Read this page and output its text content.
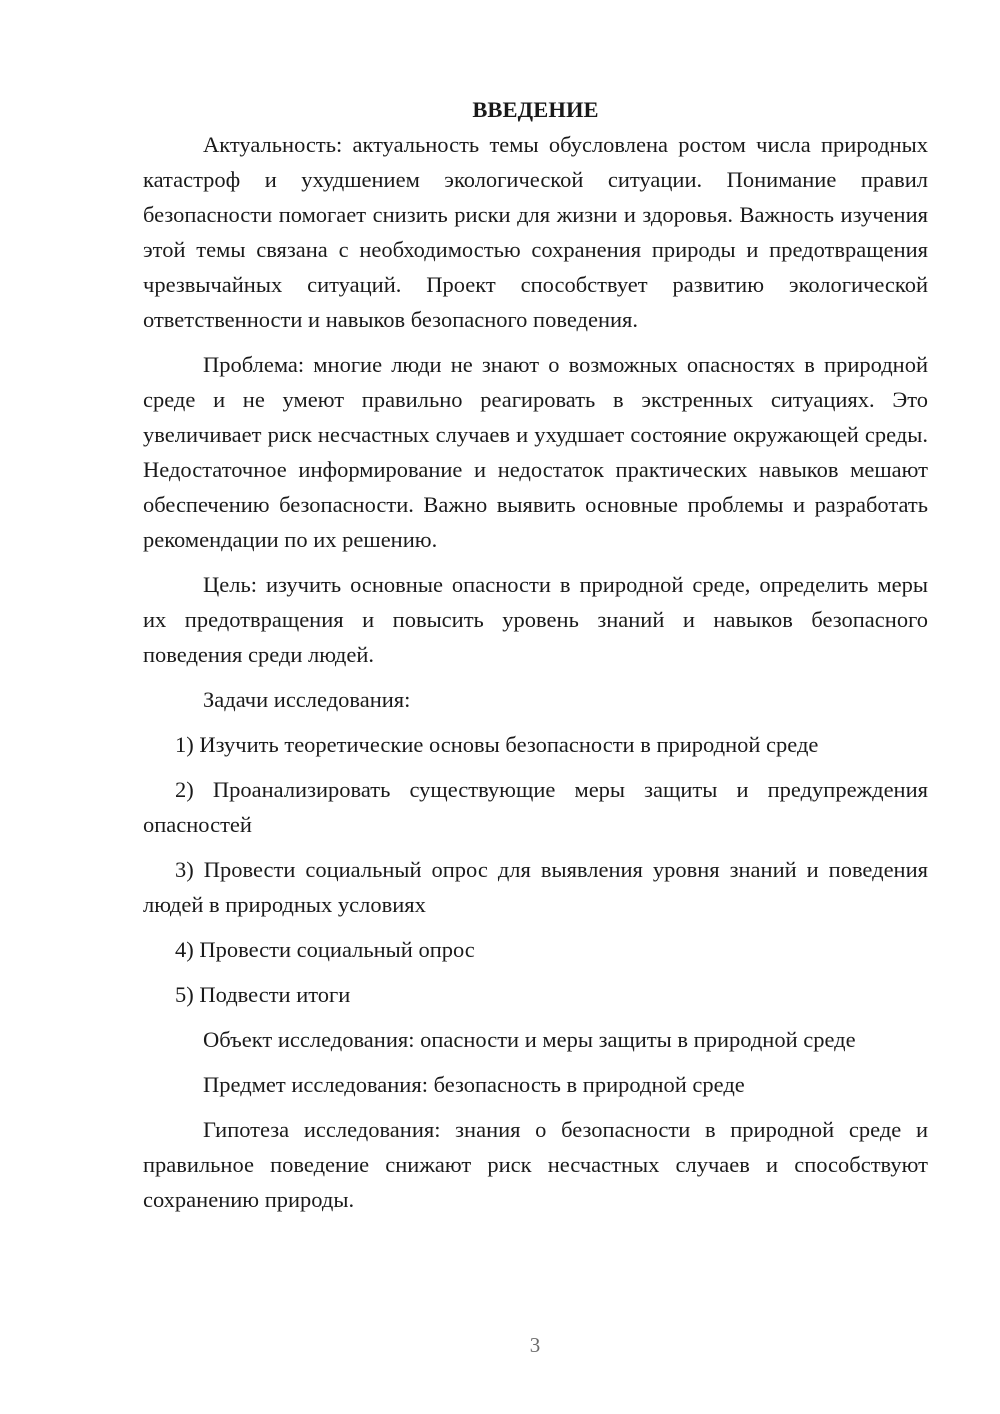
ВВЕДЕНИЕ

Актуальность: актуальность темы обусловлена ростом числа природных катастроф и ухудшением экологической ситуации. Понимание правил безопасности помогает снизить риски для жизни и здоровья. Важность изучения этой темы связана с необходимостью сохранения природы и предотвращения чрезвычайных ситуаций. Проект способствует развитию экологической ответственности и навыков безопасного поведения.

Проблема: многие люди не знают о возможных опасностях в природной среде и не умеют правильно реагировать в экстренных ситуациях. Это увеличивает риск несчастных случаев и ухудшает состояние окружающей среды. Недостаточное информирование и недостаток практических навыков мешают обеспечению безопасности. Важно выявить основные проблемы и разработать рекомендации по их решению.

Цель: изучить основные опасности в природной среде, определить меры их предотвращения и повысить уровень знаний и навыков безопасного поведения среди людей.

Задачи исследования:

1) Изучить теоретические основы безопасности в природной среде

2) Проанализировать существующие меры защиты и предупреждения опасностей

3) Провести социальный опрос для выявления уровня знаний и поведения людей в природных условиях

4) Провести социальный опрос

5) Подвести итоги

Объект исследования: опасности и меры защиты в природной среде

Предмет исследования: безопасность в природной среде

Гипотеза исследования: знания о безопасности в природной среде и правильное поведение снижают риск несчастных случаев и способствуют сохранению природы.

3
